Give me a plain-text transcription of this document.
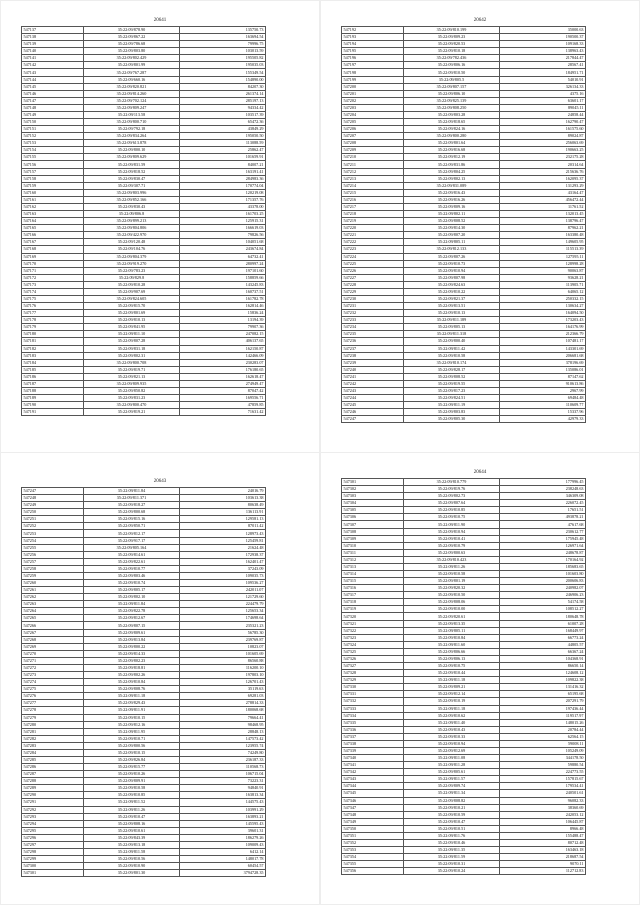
20641
547137	35:22:09/878.90	135750.73
547138	35:22:09/867.22	163694.54
547139	35:22:09/786.68	79996.75
547140	35:22:09/803.80	103013.59
547141	35:22:09/802.429	195505.82
547142	35:22:09/801.99	195035.03
547143	35:22:09/767.287	155349.54
547144	35:22:09/660.16	154890.00
547145	35:22:09/820.821	84207.30
547146	35:22:09/814.260	261374.14
547147	35:22:09/702.124	285197.13
547148	35:22:09/809.247	94334.42
547149	35:22:09/113.58	103517.39
547150	35:22:09/800.710	65472.36
547151	35:22:09/792.18	43849.29
547152	35:22:09/834.264	195050.50
547153	35:22:09/613.878	113088.59
547154	35:22:09/800.10	25862.47
547155	35:22:09/809.629	101659.91
547156	35:22:09/831.59	84007.21
547157	35:22:09/818.52	163191.41
547158	35:22:09/830.47	284983.36
547159	35:22:09/307.71	170774.04
547160	35:22:09/803.996	120219.08
547161	35:22:09/852.166	171357.76
547162	35:22:09/830.43	43378.00
547163	35:22:09/806.8	161703.25
547164	35:22:09/899.213	125915.31
547165	35:22:09/804.806	166619.03
547166	35:22:09/422.970	79826.56
547167	35:22:09/120.48	104051.68
547168	35:22:09/104.76	243674.84
547169	35:22:09/804.379	64732.41
547170	35:22:09/919.270	280997.24
547171	35:22:09/783.23	197101.60
547172	35:22:09/829.8	158859.66
547173	35:22:09/810.28	143245.83
547174	35:22:09/907.69	160737.51
547175	35:22:09/824.605	161782.78
547176	35:22:09/815.70	162814.46
547177	35:22:09/801.69	15836.24
547178	35:22:09/810.13	13194.39
547179	35:22:09/841.95	79907.36
547180	35:22:09/811.10	247082.15
547181	35:22:09/807.28	406137.65
547182	35:22:09/831.18	162150.87
547183	35:22:09/802.31	142466.09
547184	35:22:09/800.708	230283.07
547185	35:22:09/819.71	176180.65
547186	35:22:09/821.13	162618.47
547187	35:22:09/809.935	274949.47
547188	35:22:09/850.82	87047.42
547189	35:22:09/831.23	169556.71
547190	35:22:09/800.470	47859.85
547191	35:22:09/819.21	71631.42
20642
547192	35:22:09/810.199	35000.63
547193	35:22:09/809.23	190500.37
547194	35:22:09/820.53	109168.33
547195	35:22:09/810.18	138963.43
547196	35:22:09/782.436	217844.47
547197	35:22:09/806.16	28567.41
547198	35:22:09/810.50	184951.71
547199	35:22:09/805.5	54010.91
547200	35:22:09/807.157	326134.33
547201	35:22:09/806.10	4375.16
547202	35:22:09/825.139	63601.17
547203	35:22:09/808.250	89045.11
547204	35:22:09/803.28	24858.44
547205	35:22:09/818.65	162790.47
547206	35:22:09/824.16	161575.60
547207	35:22:09/800.280	89024.87
547208	35:22:09/801.64	256063.69
547209	35:22:09/816.68	190663.25
547210	35:22:09/812.19	232175.28
547211	35:22:09/831.86	20314.64
547212	35:22:09/804.25	215636.76
547213	35:22:09/802.13	162095.37
547214	35:22:09/831.089	131293.29
547215	35:22:09/816.43	43164.47
547216	35:22:09/816.26	456472.44
547217	35:22:09/809.16	11761.52
547218	35:22:09/802.11	132013.45
547219	35:22:09/808.52	138796.47
547220	35:22:09/814.30	87962.21
547221	35:22:09/807.20	163380.48
547222	35:22:09/805.11	149605.95
547223	35:22:09/812.133	115513.39
547224	35:22:09/807.26	127595.11
547225	35:22:09/810.73	128998.28
547226	35:22:09/810.94	90063.87
547227	35:22:09/807.98	93628.21
547228	35:22:09/824.63	113905.71
547229	35:22:09/810.22	64065.12
547230	35:22:09/821.37	250332.15
547231	35:22:09/813.51	130634.27
547232	35:22:09/810.13	164094.50
547233	35:22:09/811.189	173203.43
547234	35:22:09/805.13	164176.99
547235	35:22:09/811.318	212366.79
547236	35:22:09/800.40	107481.17
547237	35:22:09/811.42	143301.69
547238	35:22:09/810.58	206681.68
547239	35:22:09/810.174	378196.69
547240	35:22:09/828.17	135086.01
547241	35:22:09/808.52	87147.62
547242	35:22:09/819.55	910613.86
547243	35:22:09/817.23	2967.99
547244	35:22:09/824.51	69484.48
547245	35:22:09/811.19	110609.77
547246	35:22:09/803.83	15337.96
547247	35:22:09/805.30	42979.33
20643
547247	35:22:09/811.84	24016.79
547248	35:22:09/811.371	103613.38
547249	35:22:09/818.27	80638.49
547250	35:22:09/800.68	136113.91
547251	35:22:09/815.16	129581.13
547252	35:22:09/850.71	87011.42
547253	35:22:09/812.17	128973.43
547254	35:22:09/917.17	125459.81
547255	35:22:09/805.164	21624.48
547256	35:22:09/814.61	172938.37
547257	35:22:09/822.61	162401.47
547258	35:22:09/810.77	37243.09
547259	35:22:09/803.46	109035.73
547260	35:22:09/810.74	109536.27
547261	35:22:09/805.17	242011.07
547262	35:22:09/802.10	121729.60
547263	35:22:09/811.84	224479.79
547264	35:22:09/822.78	125653.34
547265	35:22:09/812.67	174698.64
547266	35:22:09/807.15	235321.23
547267	35:22:09/809.61	56785.30
547268	35:22:09/813.84	239769.87
547269	35:22:09/800.22	10823.07
547270	35:22:09/814.33	101605.69
547271	35:22:09/802.23	86560.88
547272	35:22:09/818.81	116200.10
547273	35:22:09/802.26	197803.10
547274	35:22:09/810.84	126701.43
547275	35:22:09/808.76	35119.63
547276	35:22:09/811.18	69281.03
547277	35:22:09/829.43	278814.33
547278	35:22:09/811.91	180068.68
547279	35:22:09/810.15	79664.41
547280	35:22:09/812.16	98468.95
547281	35:22:09/811.95	28848.13
547282	35:22:09/810.71	147573.42
547283	35:22:09/800.56	123955.74
547284	35:22:09/810.15	74249.80
547285	35:22:09/826.84	236187.33
547286	35:22:09/815.77	110568.73
547287	35:22:09/810.26	106715.04
547288	35:22:09/809.91	73223.31
547289	35:22:09/810.58	94840.91
547290	35:22:09/810.85	163813.34
547291	35:22:09/811.52	144575.43
547292	35:22:09/811.26	103991.29
547293	35:22:09/810.47	163893.21
547294	35:22:09/808.16	145595.43
547295	35:22:09/810.61	39601.31
547296	35:22:09/843.39	186279.26
547297	35:22:09/813.18	109009.43
547298	35:22:09/811.58	6412.14
547299	35:22:09/810.56	148017.78
547300	35:22:09/810.90	60454.57
547301	35:22:09/801.30	3794728.35
20644
547301	35:22:09/810.779	177996.45
547302	35:22:09/819.76	238248.63
547303	35:22:09/802.73	346309.08
547304	35:22:09/807.64	226072.45
547305	35:22:09/810.85	17651.51
547306	35:22:09/810.75	493878.21
547307	35:22:09/811.90	47617.68
547308	35:22:09/810.94	230612.77
547309	35:22:09/810.41	175945.48
547310	35:22:09/810.79	126971.64
547311	35:22:09/800.63	248678.87
547312	35:22:09/810.423	170164.92
547313	35:22:09/811.26	185683.65
547314	35:22:09/810.58	101603.80
547315	35:22:09/801.19	200606.83
547316	35:22:09/820.32	240982.07
547317	35:22:09/810.50	246906.23
547318	35:22:09/808.06	54174.58
547319	35:22:09/810.00	108512.27
547320	35:22:09/820.61	180648.78
547321	35:22:09/813.35	61007.28
547322	35:22:09/805.11	168449.97
547323	35:22:09/810.84	66773.24
547324	35:22:09/811.60	44805.57
547325	35:22:09/806.66	66367.24
547326	35:22:09/806.13	104368.91
547327	35:22:09/810.75	86650.14
547328	35:22:09/810.44	124608.12
547329	35:22:09/811.18	109822.38
547330	35:22:09/809.21	131416.32
547331	35:22:09/812.14	65195.68
547332	35:22:09/810.19	207291.79
547333	35:22:09/811.18	197436.44
547334	35:22:09/810.62	119517.97
547335	35:22:09/811.40	148015.26
547336	35:22:09/810.43	20784.44
547337	35:22:09/810.33	62564.15
547338	35:22:09/810.94	59008.11
547339	35:22:09/812.69	105249.09
547340	35:22:09/811.08	344178.50
547341	35:22:09/811.28	59880.54
547342	35:22:09/805.61	224773.55
547343	35:22:09/811.57	157815.67
547344	35:22:09/809.74	179534.41
547345	35:22:09/811.34	240501.61
547346	35:22:09/808.82	96082.33
547347	35:22:09/810.21	38360.69
547348	35:22:09/810.59	242053.12
547349	35:22:09/810.47	106445.87
547350	35:22:09/810.51	8966.48
547351	35:22:09/811.76	155488.47
547352	35:22:09/810.46	80712.48
547353	35:22:09/811.35	163463.18
547354	35:22:09/811.59	218687.54
547355	35:22:09/810.31	9070.11
547356	35:22:09/810.24	112712.83
